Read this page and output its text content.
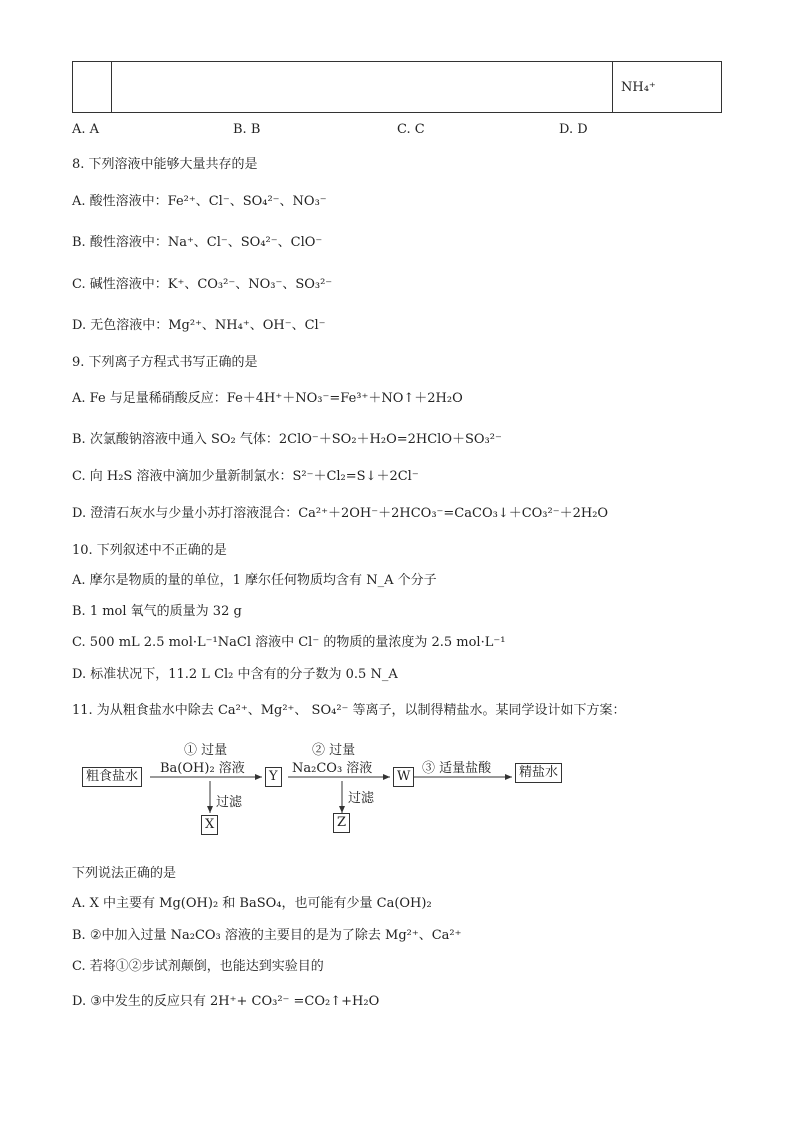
		NH₄⁺
A. A	B. B	C. C	D. D
8. 下列溶液中能够大量共存的是
A. 酸性溶液中：Fe²⁺、Cl⁻、SO₄²⁻、NO₃⁻
B. 酸性溶液中：Na⁺、Cl⁻、SO₄²⁻、ClO⁻
C. 碱性溶液中：K⁺、CO₃²⁻、NO₃⁻、SO₃²⁻
D. 无色溶液中：Mg²⁺、NH₄⁺、OH⁻、Cl⁻
9. 下列离子方程式书写正确的是
A. Fe 与足量稀硝酸反应：Fe＋4H⁺＋NO₃⁻=Fe³⁺＋NO↑＋2H₂O
B. 次氯酸钠溶液中通入 SO₂ 气体：2ClO⁻＋SO₂＋H₂O=2HClO＋SO₃²⁻
C. 向 H₂S 溶液中滴加少量新制氯水：S²⁻＋Cl₂=S↓＋2Cl⁻
D. 澄清石灰水与少量小苏打溶液混合：Ca²⁺＋2OH⁻＋2HCO₃⁻=CaCO₃↓＋CO₃²⁻＋2H₂O
10. 下列叙述中不正确的是
A. 摩尔是物质的量的单位，1 摩尔任何物质均含有 N_A 个分子
B. 1 mol 氧气的质量为 32 g
C. 500 mL 2.5 mol·L⁻¹NaCl 溶液中 Cl⁻ 的物质的量浓度为 2.5 mol·L⁻¹
D. 标准状况下，11.2 L Cl₂ 中含有的分子数为 0.5 N_A
11. 为从粗食盐水中除去 Ca²⁺、Mg²⁺、 SO₄²⁻ 等离子，以制得精盐水。某同学设计如下方案：
粗食盐水
① 过量
Ba(OH)₂ 溶液
Y
② 过量
Na₂CO₃ 溶液
W
③ 适量盐酸	精盐水
过滤
X
过滤
Z
下列说法正确的是
A. X 中主要有 Mg(OH)₂ 和 BaSO₄，也可能有少量 Ca(OH)₂
B. ②中加入过量 Na₂CO₃ 溶液的主要目的是为了除去 Mg²⁺、Ca²⁺
C. 若将①②步试剂颠倒，也能达到实验目的
D. ③中发生的反应只有 2H⁺+ CO₃²⁻ =CO₂↑+H₂O
